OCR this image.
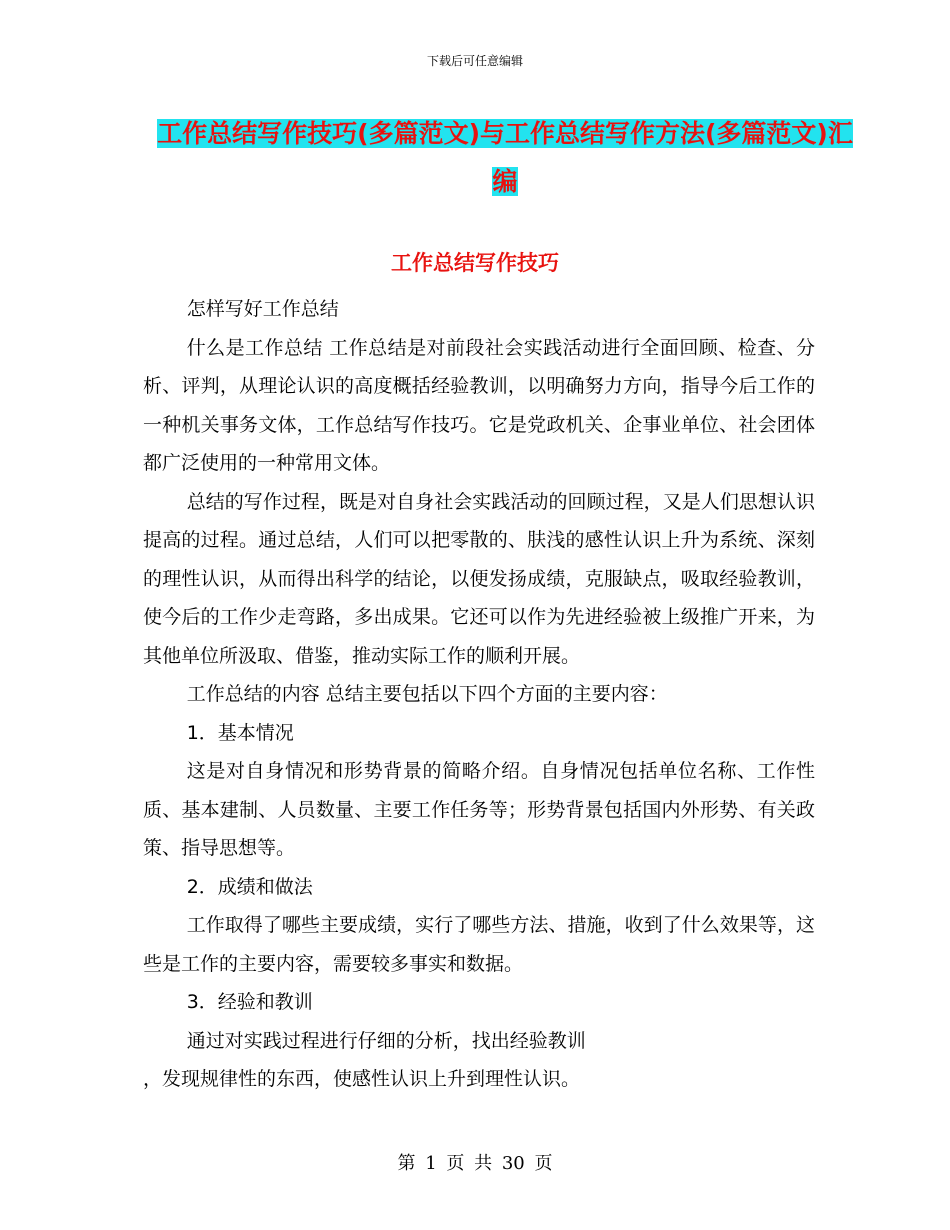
下载后可任意编辑
工作总结写作技巧(多篇范文)与工作总结写作方法(多篇范文)汇编
工作总结写作技巧

怎样写好工作总结

什么是工作总结 工作总结是对前段社会实践活动进行全面回顾、检查、分析、评判，从理论认识的高度概括经验教训，以明确努力方向，指导今后工作的一种机关事务文体，工作总结写作技巧。它是党政机关、企事业单位、社会团体都广泛使用的一种常用文体。

总结的写作过程，既是对自身社会实践活动的回顾过程，又是人们思想认识提高的过程。通过总结，人们可以把零散的、肤浅的感性认识上升为系统、深刻的理性认识，从而得出科学的结论，以便发扬成绩，克服缺点，吸取经验教训，使今后的工作少走弯路，多出成果。它还可以作为先进经验被上级推广开来，为其他单位所汲取、借鉴，推动实际工作的顺利开展。

工作总结的内容 总结主要包括以下四个方面的主要内容：

1．基本情况

这是对自身情况和形势背景的简略介绍。自身情况包括单位名称、工作性质、基本建制、人员数量、主要工作任务等；形势背景包括国内外形势、有关政策、指导思想等。

2．成绩和做法

工作取得了哪些主要成绩，实行了哪些方法、措施，收到了什么效果等，这些是工作的主要内容，需要较多事实和数据。

3．经验和教训

通过对实践过程进行仔细的分析，找出经验教训

，发现规律性的东西，使感性认识上升到理性认识。

第 1 页 共 30 页
